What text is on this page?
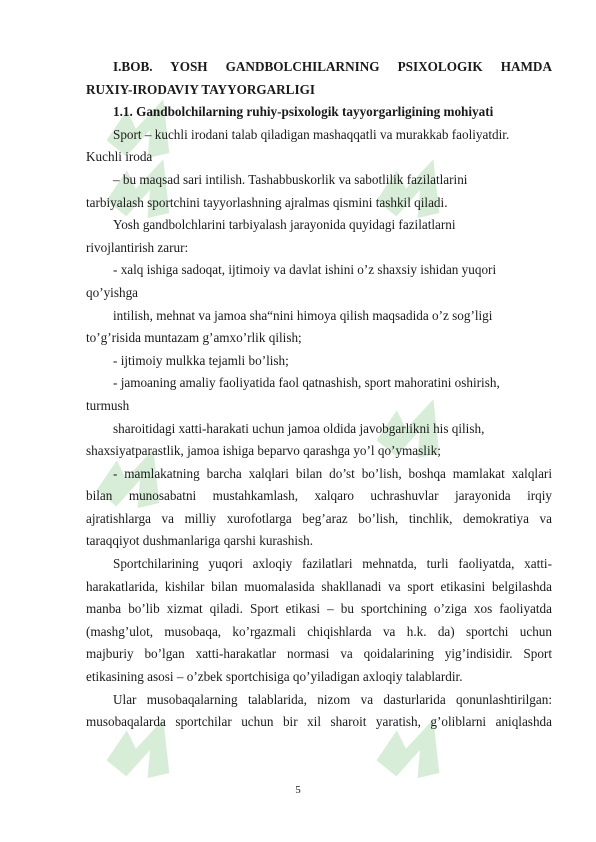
I.BOB. YOSH GANDBOLCHILARNING PSIXOLOGIK HAMDA
RUXIY-IRODAVIY TAYYORGARLIGI
1.1. Gandbolchilarning ruhiy-psixologik tayyorgarligining mohiyati
Sport – kuchli irodani talab qiladigan mashaqqatli va murakkab faoliyatdir.
Kuchli iroda
– bu maqsad sari intilish. Tashabbuskorlik va sabotlilik fazilatlarini
tarbiyalash sportchini tayyorlashning ajralmas qismini tashkil qiladi.
Yosh gandbolchlarini tarbiyalash jarayonida quyidagi fazilatlarni
rivojlantirish zarur:
- xalq ishiga sadoqat, ijtimoiy va davlat ishini o’z shaxsiy ishidan yuqori
qo’yishga
intilish, mehnat va jamoa sha“nini himoya qilish maqsadida o’z sog’ligi
to’g’risida muntazam g’amxo’rlik qilish;
- ijtimoiy mulkka tejamli bo’lish;
- jamoaning amaliy faoliyatida faol qatnashish, sport mahoratini oshirish,
turmush
sharoitidagi xatti-harakati uchun jamoa oldida javobgarlikni his qilish,
shaxsiyatparastlik, jamoa ishiga beparvo qarashga yo’l qo’ymaslik;
- mamlakatning barcha xalqlari bilan do’st bo’lish, boshqa mamlakat xalqlari
bilan munosabatni mustahkamlash, xalqaro uchrashuvlar jarayonida irqiy
ajratishlarga va milliy xurofotlarga beg’araz bo’lish, tinchlik, demokratiya va
taraqqiyot dushmanlariga qarshi kurashish.
Sportchilarining yuqori axloqiy fazilatlari mehnatda, turli faoliyatda, xatti-
harakatlarida, kishilar bilan muomalasida shakllanadi va sport etikasini belgilashda
manba bo’lib xizmat qiladi. Sport etikasi – bu sportchining o’ziga xos faoliyatda
(mashg’ulot, musobaqa, ko’rgazmali chiqishlarda va h.k. da) sportchi uchun
majburiy bo’lgan xatti-harakatlar normasi va qoidalarining yig’indisidir. Sport
etikasining asosi – o’zbek sportchisiga qo’yiladigan axloqiy talablardir.
Ular musobaqalarning talablarida, nizom va dasturlarida qonunlashtirilgan:
musobaqalarda sportchilar uchun bir xil sharoit yaratish, g’oliblarni aniqlashda
5
